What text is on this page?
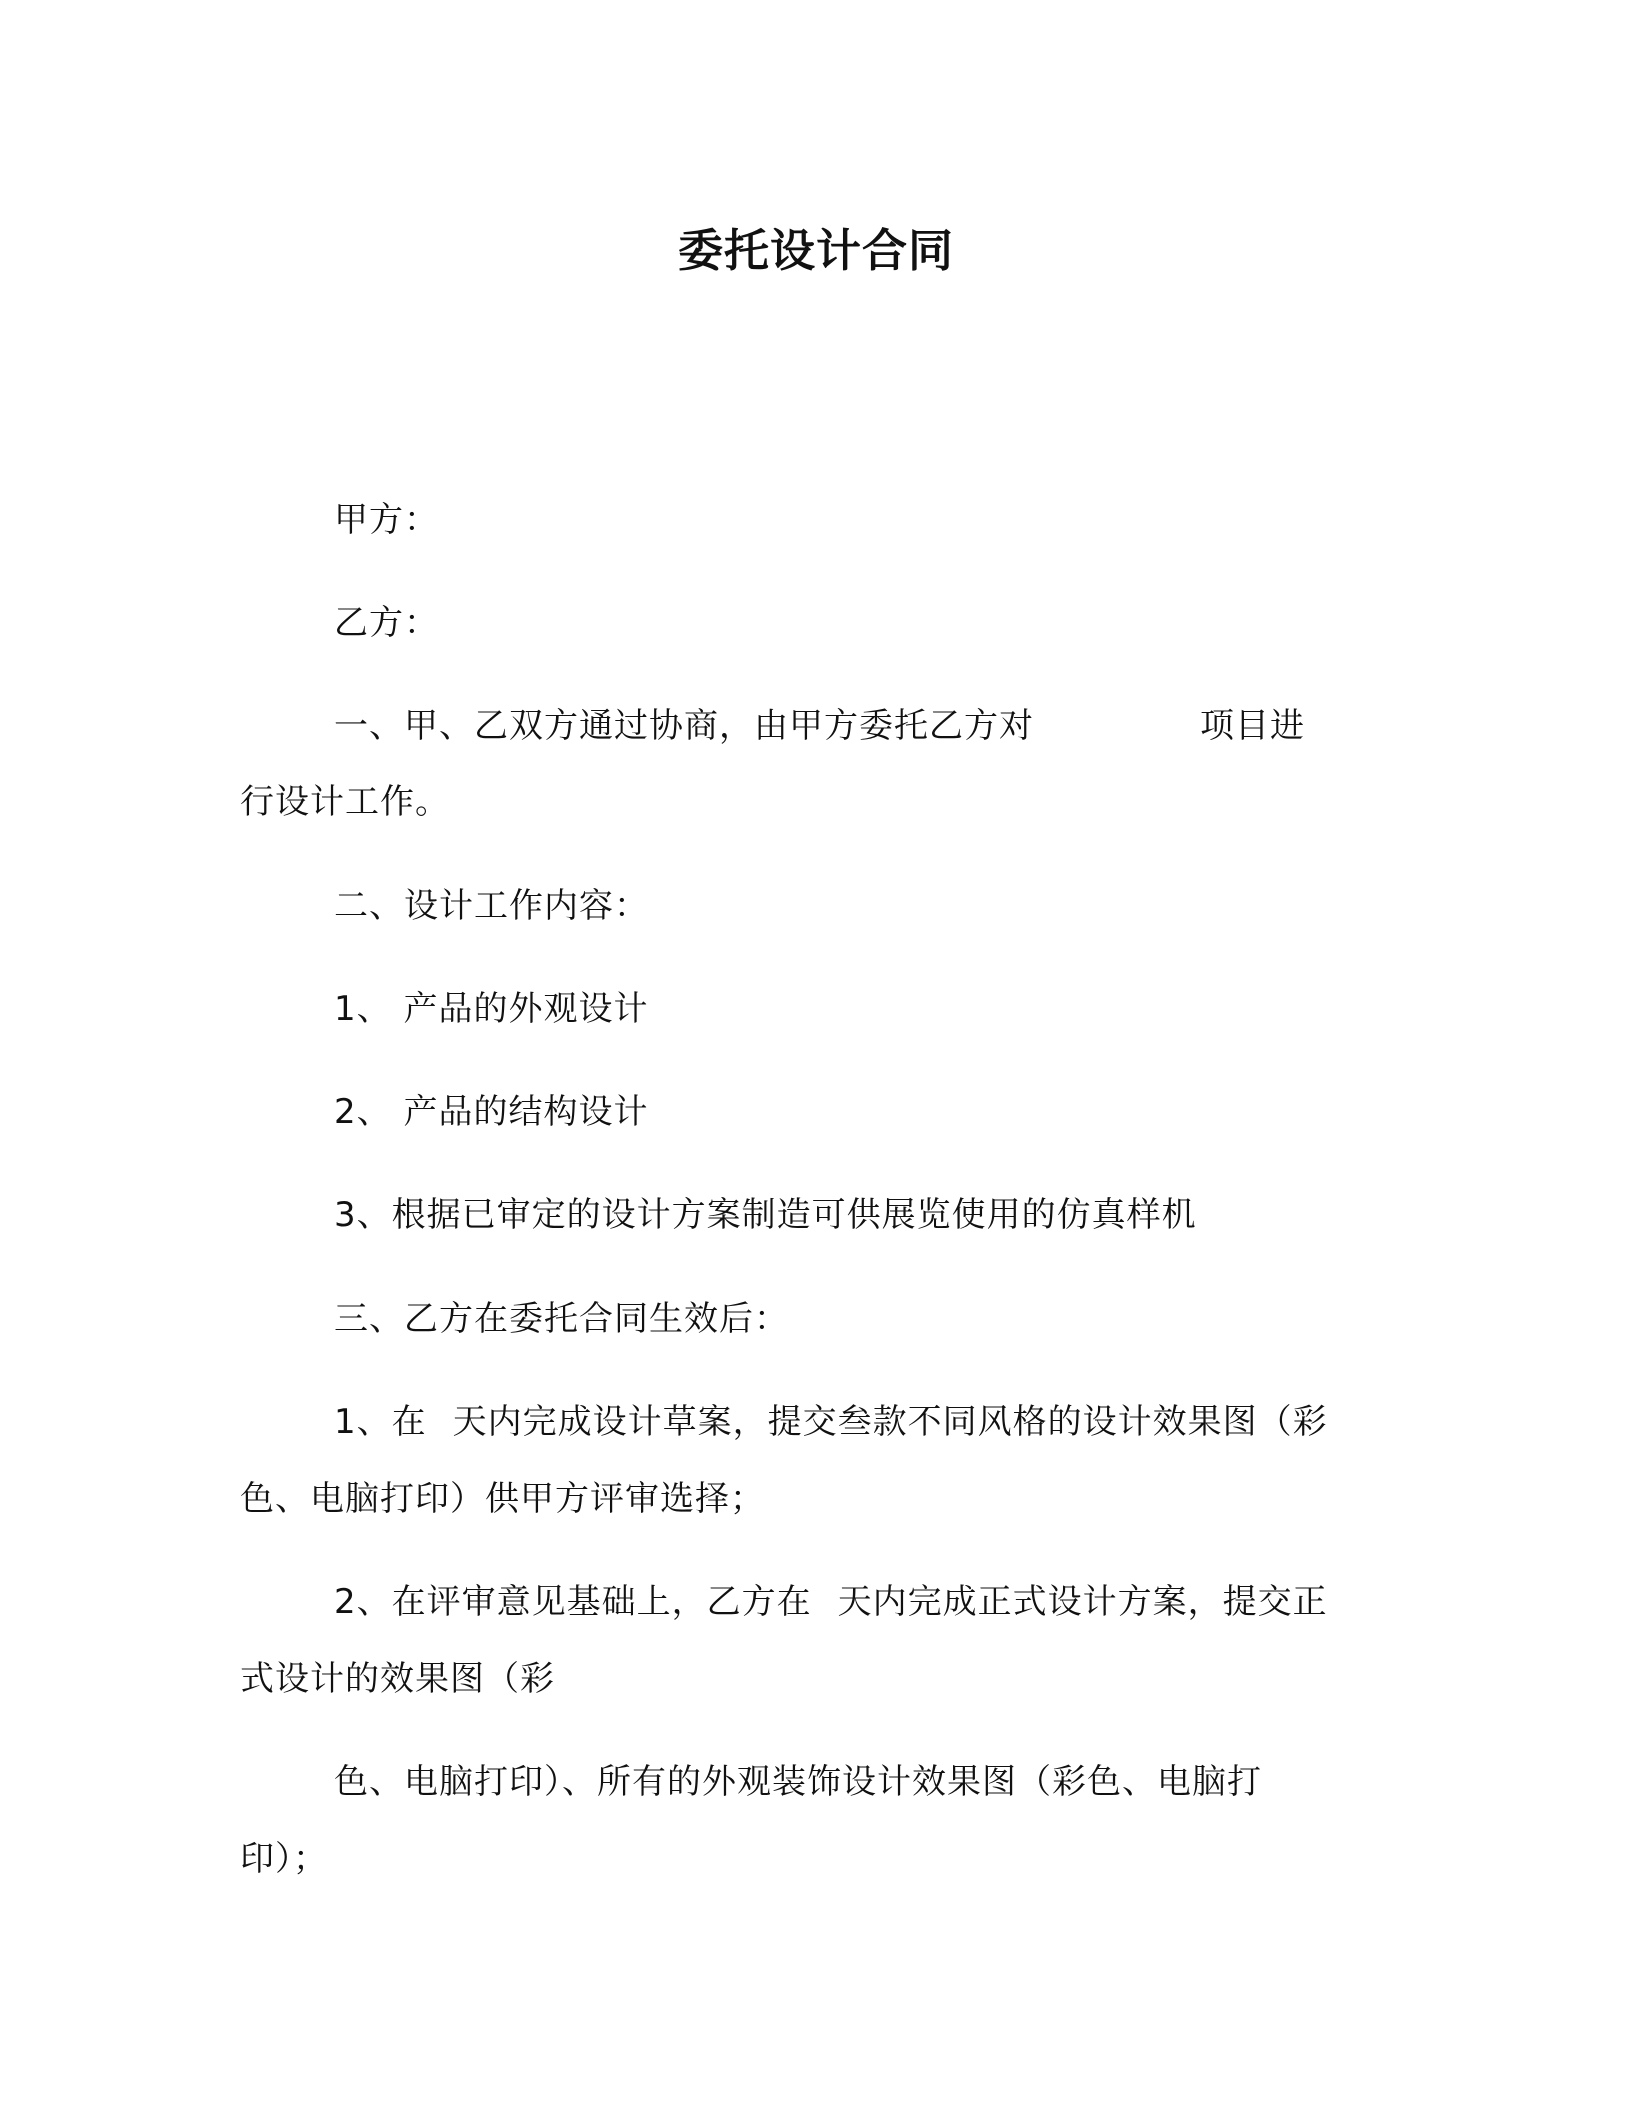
委托设计合同
甲方：
乙方：
一、甲、乙双方通过协商，由甲方委托乙方对	项目进
行设计工作。
二、设计工作内容：
1、 产品的外观设计
2、 产品的结构设计
3、根据已审定的设计方案制造可供展览使用的仿真样机
三、乙方在委托合同生效后：
1、在 天内完成设计草案，提交叁款不同风格的设计效果图（彩
色、电脑打印）供甲方评审选择；
2、在评审意见基础上，乙方在 天内完成正式设计方案，提交正
式设计的效果图（彩
色、电脑打印）、所有的外观装饰设计效果图（彩色、电脑打
印）；
